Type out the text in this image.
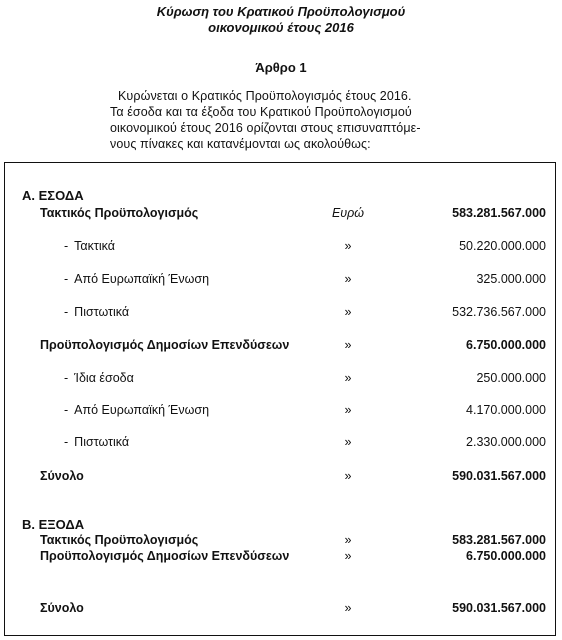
Κύρωση του Κρατικού Προϋπολογισμού
οικονομικού έτους 2016
Άρθρο 1
Κυρώνεται ο Κρατικός Προϋπολογισμός έτους 2016.
Τα έσοδα και τα έξοδα του Κρατικού Προϋπολογισμού
οικονομικού έτους 2016 ορίζονται στους επισυναπτόμε-
νους πίνακες και κατανέμονται ως ακολούθως:
Α. ΕΣΟΔΑ
Τακτικός Προϋπολογισμός	Ευρώ	583.281.567.000
- Τακτικά	»	50.220.000.000
- Από Ευρωπαϊκή Ένωση	»	325.000.000
- Πιστωτικά	»	532.736.567.000
Προϋπολογισμός Δημοσίων Επενδύσεων	»	6.750.000.000
- Ίδια έσοδα	»	250.000.000
- Από Ευρωπαϊκή Ένωση	»	4.170.000.000
- Πιστωτικά	»	2.330.000.000
Σύνολο	»	590.031.567.000
Β. ΕΞΟΔΑ
Τακτικός Προϋπολογισμός	»	583.281.567.000
Προϋπολογισμός Δημοσίων Επενδύσεων	»	6.750.000.000
Σύνολο	»	590.031.567.000
